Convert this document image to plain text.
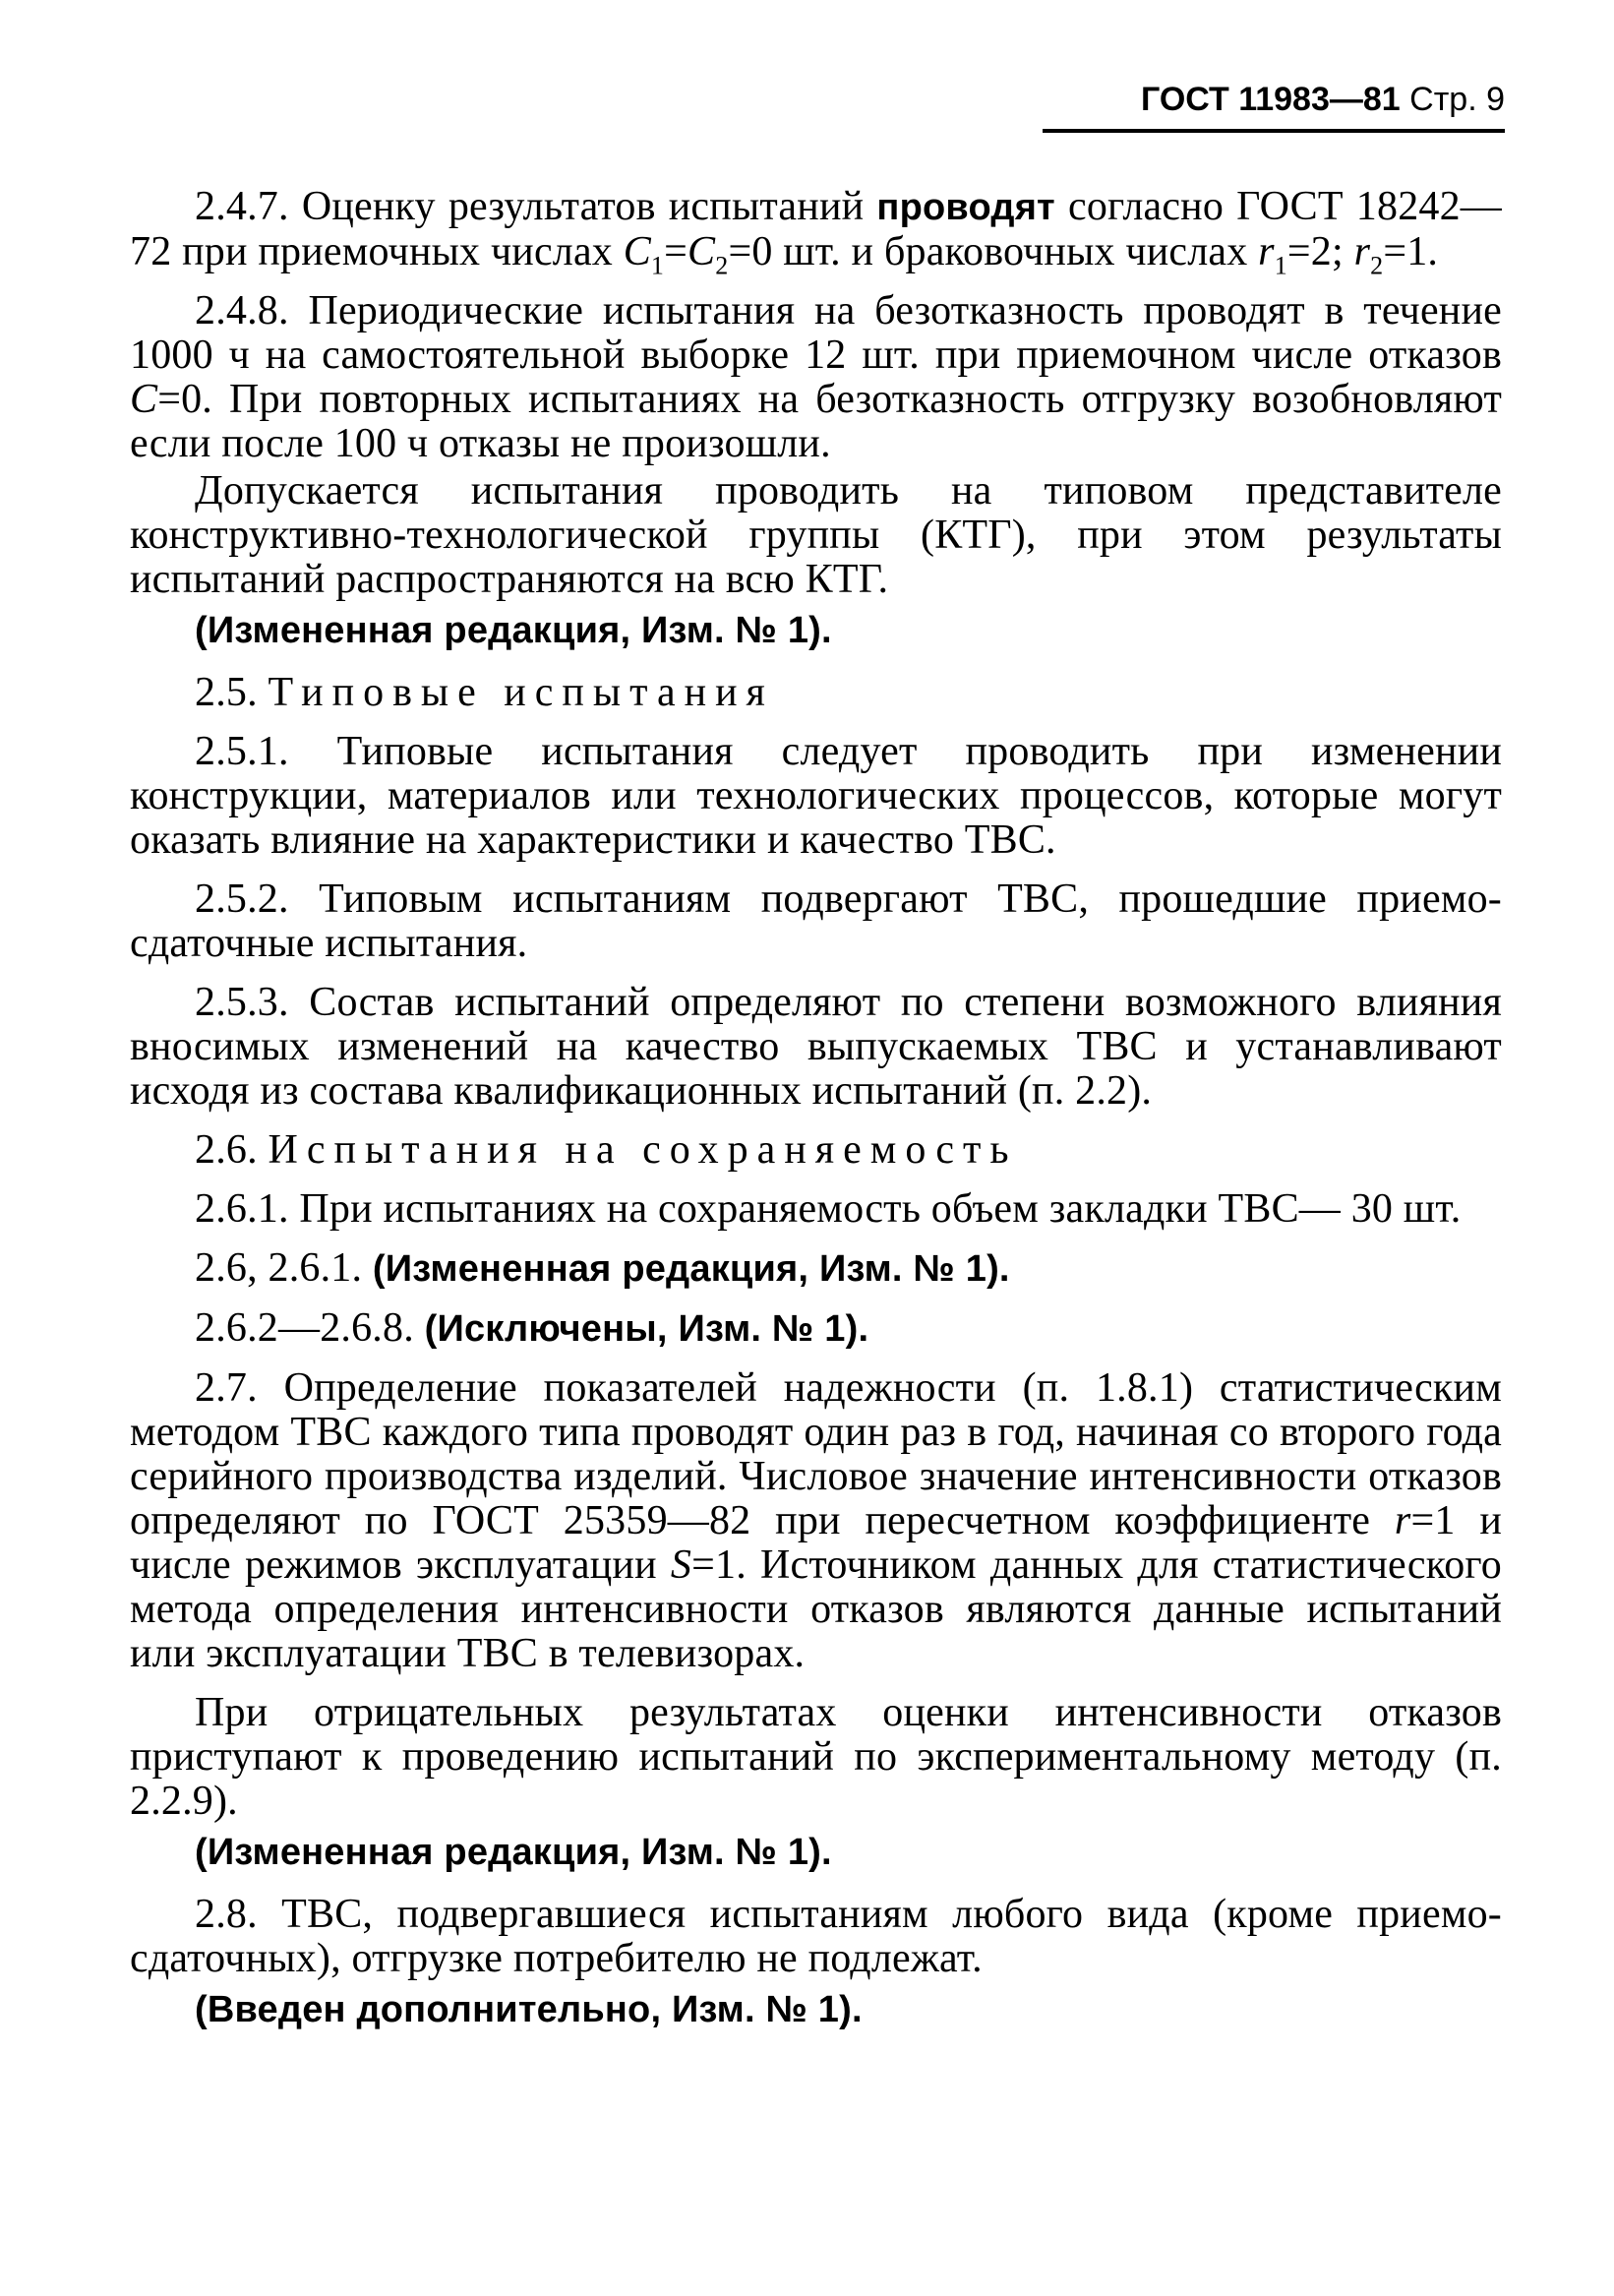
ГОСТ 11983—81 Стр. 9

2.4.7. Оценку результатов испытаний проводят согласно ГОСТ 18242—72 при приемочных числах $C_1=C_2=0$ шт. и браковочных числах $r_1=2$; $r_2=1$.

2.4.8. Периодические испытания на безотказность проводят в течение 1000 ч на самостоятельной выборке 12 шт. при приемочном числе отказов C=0. При повторных испытаниях на безотказность отгрузку возобновляют если после 100 ч отказы не произошли.

Допускается испытания проводить на типовом представителе конструктивно-технологической группы (КТГ), при этом результаты испытаний распространяются на всю КТГ.

(Измененная редакция, Изм. № 1).

2.5. Типовые испытания

2.5.1. Типовые испытания следует проводить при изменении конструкции, материалов или технологических процессов, которые могут оказать влияние на характеристики и качество ТВС.

2.5.2. Типовым испытаниям подвергают ТВС, прошедшие приемо-сдаточные испытания.

2.5.3. Состав испытаний определяют по степени возможного влияния вносимых изменений на качество выпускаемых ТВС и устанавливают исходя из состава квалификационных испытаний (п. 2.2).

2.6. Испытания на сохраняемость

2.6.1. При испытаниях на сохраняемость объем закладки ТВС— 30 шт.

2.6, 2.6.1. (Измененная редакция, Изм. № 1).

2.6.2—2.6.8. (Исключены, Изм. № 1).

2.7. Определение показателей надежности (п. 1.8.1) статистическим методом ТВС каждого типа проводят один раз в год, начиная со второго года серийного производства изделий. Числовое значение интенсивности отказов определяют по ГОСТ 25359—82 при пересчетном коэффициенте r=1 и числе режимов эксплуатации S=1. Источником данных для статистического метода определения интенсивности отказов являются данные испытаний или эксплуатации ТВС в телевизорах.

При отрицательных результатах оценки интенсивности отказов приступают к проведению испытаний по экспериментальному методу (п. 2.2.9).

(Измененная редакция, Изм. № 1).

2.8. ТВС, подвергавшиеся испытаниям любого вида (кроме приемо-сдаточных), отгрузке потребителю не подлежат.

(Введен дополнительно, Изм. № 1).
